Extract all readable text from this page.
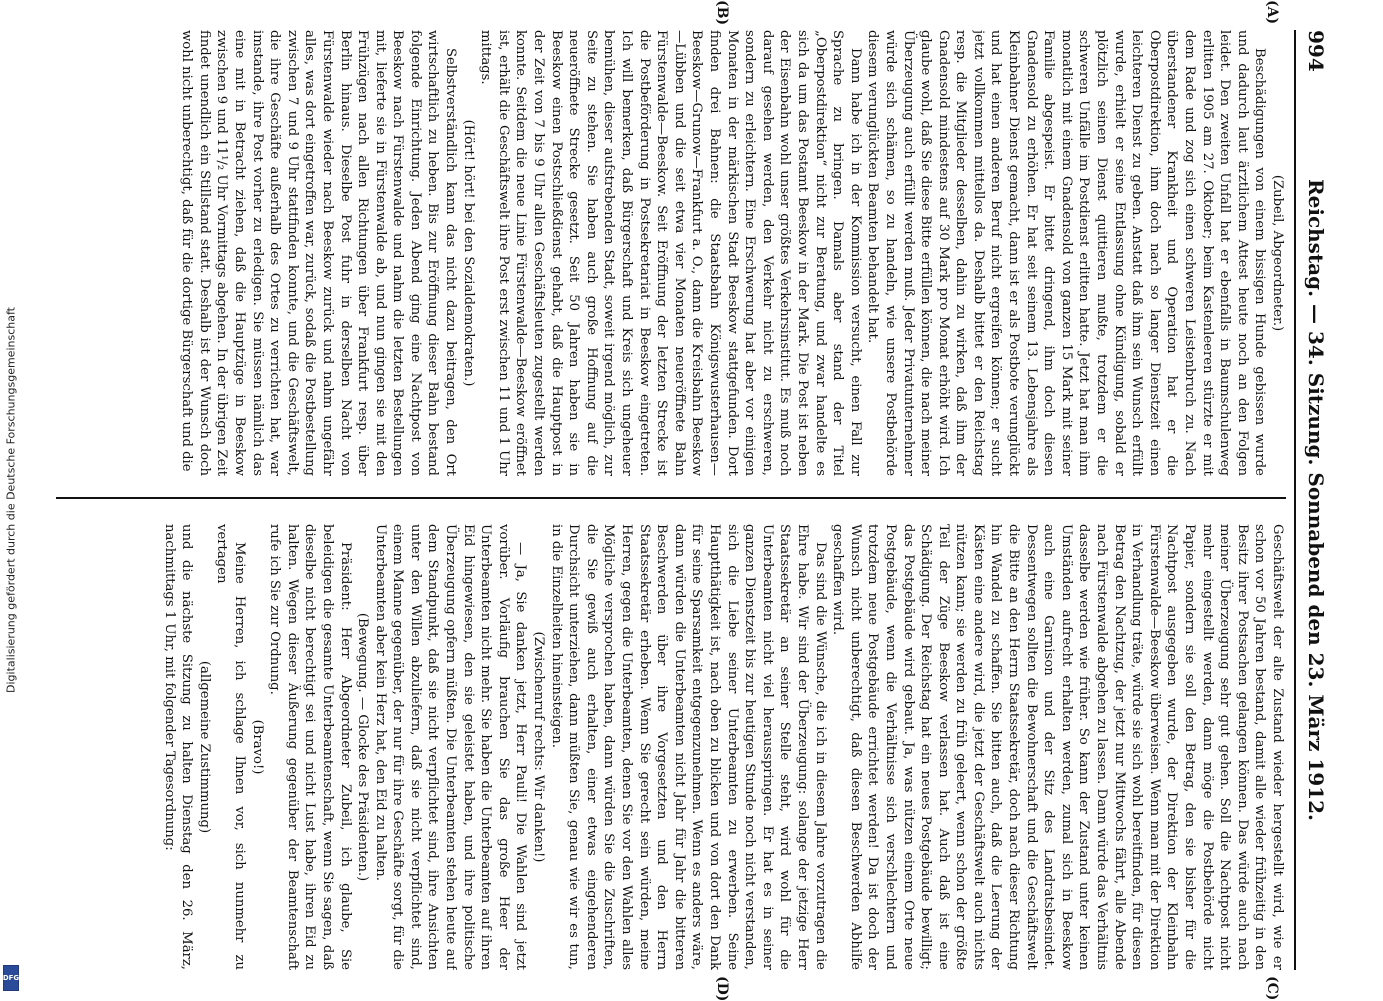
Digitalisierung gefördert durch die Deutsche Forschungsgemeinschaft
DFG
994
Reichstag. — 34. Sitzung. Sonnabend den 23. März 1912.
(A)
(B)
(C)
(D)

(Zubeil, Abgeordneter.)

Beschädigungen von einem bissigen Hunde gebissen wurde und dadurch laut ärztlichem Attest heute noch an den Folgen leidet. Den zweiten Unfall hat er ebenfalls in Baumschulenweg erlitten 1905 am 27. Oktober; beim Kastenleeren stürzte er mit dem Rade und zog sich einen schweren Leistenbruch zu. Nach überstandener Krankheit und Operation hat er die Oberpostdirektion, ihm doch nach so langer Dienstzeit einen leichteren Dienst zu geben. Anstatt daß ihm sein Wunsch erfüllt wurde, erhielt er seine Entlassung ohne Kündigung, sobald er plötzlich seinen Dienst quittieren mußte, trotzdem er die schweren Unfälle im Postdienst erlitten hatte. Jetzt hat man ihm monatlich mit einem Gnadensold von ganzen 15 Mark mit seiner Familie abgespeist. Er bittet dringend, ihm doch diesen Gnadensold zu erhöhen. Er hat seit seinem 13. Lebensjahre als Kleinbahner Dienst gemacht, dann ist er als Postbote verunglückt und hat einen anderen Beruf nicht ergreifen können; er sucht jetzt vollkommen mittellos da. Deshalb bittet er den Reichstag resp. die Mitglieder desselben, dahin zu wirken, daß ihm der Gnadensold mindestens auf 30 Mark pro Monat erhöht wird. Ich glaube wohl, daß Sie diese Bitte erfüllen können, die nach meiner Überzeugung auch erfüllt werden muß. Jeder Privatunternehmer würde sich schämen, so zu handeln, wie unsere Postbehörde diesem verunglückten Beamten behandelt hat.

Dann habe ich in der Kommission versucht, einen Fall zur Sprache zu bringen. Damals aber stand der Titel „Oberpostdirektion“ nicht zur Beratung, und zwar handelte es sich da um das Postamt Beeskow in der Mark. Die Post ist neben der Eisenbahn wohl unser größtes Verkehrsinstitut. Es muß noch darauf gesehen werden, den Verkehr nicht zu erschweren, sondern zu erleichtern. Eine Erschwerung hat aber vor einigen Monaten in der märkischen Stadt Beeskow stattgefunden. Dort finden drei Bahnen: die Staatsbahn Königswusterhausen—Beeskow—Grunow—Frankfurt a. O., dann die Kreisbahn Beeskow—Lübben und die seit etwa vier Monaten neueröffnete Bahn Fürstenwalde—Beeskow. Seit Eröffnung der letzten Strecke ist die Postbeförderung in Postsekretariat in Beeskow eingetreten. Ich will bemerken, daß Bürgerschaft und Kreis sich ungeheuer bemühen, dieser aufstrebenden Stadt, soweit irgend möglich, zur Seite zu stehen. Sie haben auch große Hoffnung auf die neueröffnete Strecke gesetzt. Seit 50 Jahren haben sie in Beeskow einen Postschließdienst gehabt, daß die Hauptpost in der Zeit von 7 bis 9 Uhr allen Geschäftsleuten zugestellt werden konnte. Seitdem die neue Linie Fürstenwalde—Beeskow eröffnet ist, erhält die Geschäftswelt ihre Post erst zwischen 11 und 1 Uhr mittags.

(Hört! hört! bei den Sozialdemokraten.)

Selbstverständlich kann das nicht dazu beitragen, den Ort wirtschaftlich zu heben. Bis zur Eröffnung dieser Bahn bestand folgende Einrichtung. Jeden Abend ging eine Nachtpost von Beeskow nach Fürstenwalde und nahm die letzten Bestellungen mit, lieferte sie in Fürstenwalde ab, und nun gingen sie mit den Frühzügen nach allen Richtungen über Frankfurt resp. über Berlin hinaus. Dieselbe Post fuhr in derselben Nacht von Fürstenwalde wieder nach Beeskow zurück und nahm ungefähr alles, was dort eingetroffen war, zurück, sodaß die Postbestellung zwischen 7 und 9 Uhr stattfinden konnte, und die Geschäftswelt, die ihre Geschäfte außerhalb des Ortes zu verrichten hat, war imstande, ihre Post vorher zu erledigen. Sie müssen nämlich das eine mit in Betracht ziehen, daß die Hauptzüge in Beeskow zwischen 9 und 11¹/₂ Uhr Vormittags abgehen. In der übrigen Zeit findet unendlich ein Stillstand statt. Deshalb ist der Wunsch doch wohl nicht unberechtigt, daß für die dortige Bürgerschaft und die

Geschäftswelt der alte Zustand wieder hergestellt wird, wie er schon vor 50 Jahren bestand, damit alle wieder frühzeitig in den Besitz ihrer Postsachen gelangen können. Das würde auch nach meiner Überzeugung sehr gut gehen. Soll die Nachtpost nicht mehr eingestellt werden, dann möge die Postbehörde nicht Papier, sondern sie soll den Betrag, den sie bisher für die Nachtpost ausgegeben wurde, der Direktion der Kleinbahn Fürstenwalde—Beeskow überweisen. Wenn man mit der Direktion in Verhandlung träte, würde sie sich wohl bereitfinden, für diesen Betrag den Nachtzug, der jetzt nur Mittwochs fährt, alle Abende nach Fürstenwalde abgehen zu lassen. Dann würde das Verhältnis dasselbe werden wie früher. So kann der Zustand unter keinen Umständen aufrecht erhalten werden, zumal sich in Beeskow auch eine Garnison und der Sitz des Landratsbesindet. Dessentwegen sollten die Bewohnerschaft und die Geschäftswelt die Bitte an den Herrn Staatssekretär, doch nach dieser Richtung hin Wandel zu schaffen. Sie bitten auch, daß die Leerung der Kästen eine andere wird, die jetzt der Geschäftswelt auch nichts nützen kann; sie werden zu früh geleert, wenn schon der größte Teil der Züge Beeskow verlassen hat. Auch daß ist eine Schädigung. Der Reichstag hat ein neues Postgebäude bewilligt; das Postgebäude wird gebaut. Ja, was nützen einem Orte neue Postgebäude, wenn die Verhältnisse sich verschlechtern und trotzdem neue Postgebäude errichtet werden! Da ist doch der Wunsch nicht unberechtigt, daß diesen Beschwerden Abhilfe geschaffen wird.

Das sind die Wünsche, die ich in diesem Jahre vorzutragen die Ehre habe. Wir sind der Überzeugung: solange der jetzige Herr Staatssekretär an seiner Stelle steht, wird wohl für die Unterbeamten nicht viel herausspringen. Er hat es in seiner ganzen Dienstzeit bis zur heutigen Stunde noch nicht verstanden, sich die Liebe seiner Unterbeamten zu erwerben. Seine Hauptthätigkeit ist, nach oben zu blicken und von dort den Dank für seine Sparsamkeit entgegenzunehmen. Wenn es anders wäre, dann würden die Unterbeamten nicht Jahr für Jahr die bitteren Beschwerden über ihre Vorgesetzten und den Herrn Staatssekretär erheben. Wenn Sie gerecht sein würden, meine Herren, gegen die Unterbeamten, denen Sie vor den Wahlen alles Mögliche versprochen haben, dann würden Sie die Zuschriften, die Sie gewiß auch erhalten, einer etwas eingehenderen Durchsicht unterziehen, dann müßten Sie, genau wie wir es tun, in die Einzelheiten hineinsteigen.

(Zwischenruf rechts: Wir danken!)

— Ja, Sie danken jetzt, Herr Pauli! Die Wahlen sind jetzt vorüber. Vorläufig brauchen Sie das große Heer der Unterbeamten nicht mehr. Sie haben die Unterbeamten auf ihren Eid hingewiesen, den sie geleistet haben, und ihre politische Überzeugung opfern müßten. Die Unterbeamten stehen heute auf dem Standpunkt, daß sie nicht verpflichtet sind, ihre Ansichten unter den Willen abzuliefern, daß sie nicht verpflichtet sind, einem Manne gegenüber, der nur für ihre Geschäfte sorgt, für die Unterbeamten aber kein Herz hat, den Eid zu halten.

(Bewegung. — Glocke des Präsidenten.)

Präsident: Herr Abgeordneter Zubeil, ich glaube, Sie beleidigen die gesamte Unterbeamtenschaft, wenn Sie sagen, daß dieselbe nicht berechtigt sei und nicht Lust habe, ihren Eid zu halten. Wegen dieser Äußerung gegenüber der Beamtenschaft rufe ich Sie zur Ordnung.

(Bravo!)

Meine Herren, ich schlage Ihnen vor, sich nunmehr zu vertagen

(allgemeine Zustimmung)

und die nächste Sitzung zu halten Dienstag den 26. März, nachmittags 1 Uhr, mit folgender Tagesordnung:
